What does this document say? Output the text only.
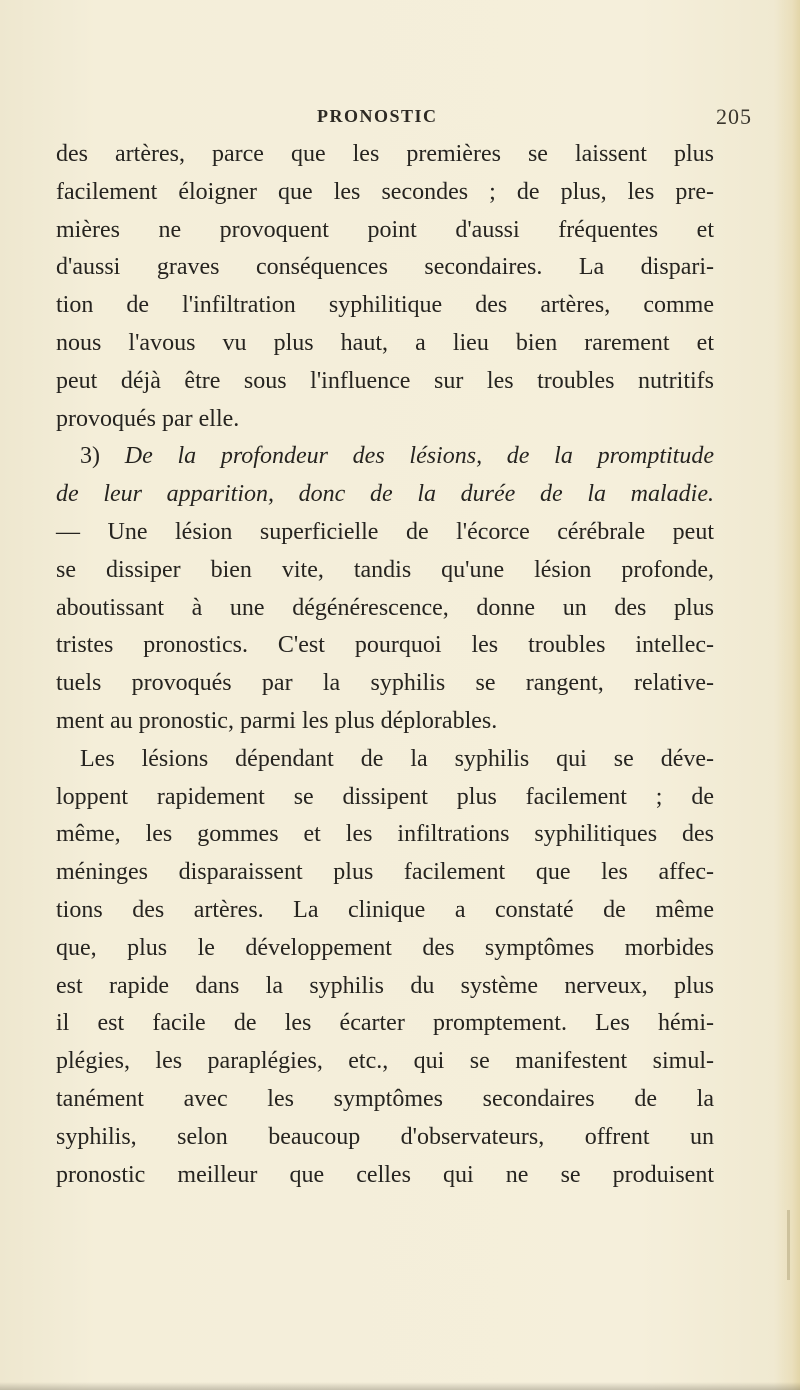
PRONOSTIC	205
des artères, parce que les premières se laissent plus
facilement éloigner que les secondes ; de plus, les pre-
mières ne provoquent point d'aussi fréquentes et
d'aussi graves conséquences secondaires. La dispari-
tion de l'infiltration syphilitique des artères, comme
nous l'avous vu plus haut, a lieu bien rarement et
peut déjà être sous l'influence sur les troubles nutritifs
provoqués par elle.
3) De la profondeur des lésions, de la promptitude
de leur apparition, donc de la durée de la maladie.
— Une lésion superficielle de l'écorce cérébrale peut
se dissiper bien vite, tandis qu'une lésion profonde,
aboutissant à une dégénérescence, donne un des plus
tristes pronostics. C'est pourquoi les troubles intellec-
tuels provoqués par la syphilis se rangent, relative-
ment au pronostic, parmi les plus déplorables.
Les lésions dépendant de la syphilis qui se déve-
loppent rapidement se dissipent plus facilement ; de
même, les gommes et les infiltrations syphilitiques des
méninges disparaissent plus facilement que les affec-
tions des artères. La clinique a constaté de même
que, plus le développement des symptômes morbides
est rapide dans la syphilis du système nerveux, plus
il est facile de les écarter promptement. Les hémi-
plégies, les paraplégies, etc., qui se manifestent simul-
tanément avec les symptômes secondaires de la
syphilis, selon beaucoup d'observateurs, offrent un
pronostic meilleur que celles qui ne se produisent
